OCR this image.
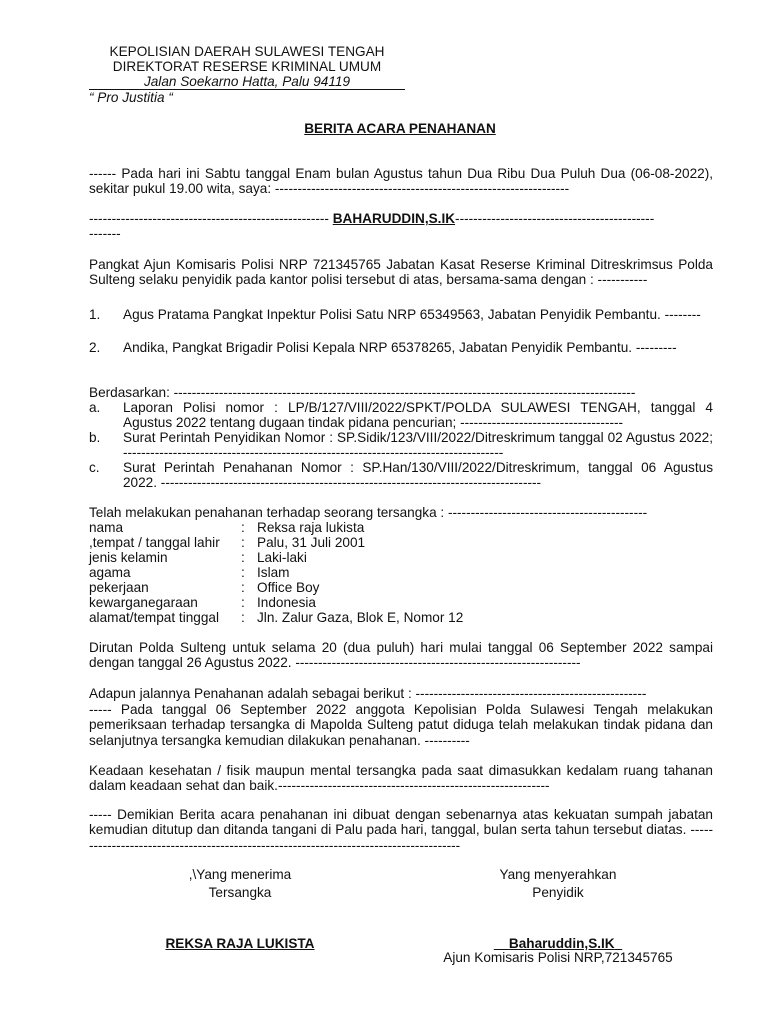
KEPOLISIAN DAERAH SULAWESI TENGAH
DIREKTORAT RESERSE KRIMINAL UMUM
Jalan Soekarno Hatta, Palu 94119
“ Pro Justitia “
BERITA ACARA PENAHANAN
------ Pada hari ini Sabtu tanggal Enam bulan Agustus tahun Dua Ribu Dua Puluh Dua (06-08-2022), sekitar pukul 19.00 wita, saya: -----------------------------------------------------------------
----------------------------------------------------- BAHARUDDIN,S.IK--------------------------------------------
-------
Pangkat Ajun Komisaris Polisi NRP 721345765 Jabatan Kasat Reserse Kriminal Ditreskrimsus Polda Sulteng selaku penyidik pada kantor polisi tersebut di atas, bersama-sama dengan : -----------
1. Agus Pratama Pangkat Inpektur Polisi Satu NRP 65349563, Jabatan Penyidik Pembantu. --------
2. Andika, Pangkat Brigadir Polisi Kepala NRP 65378265, Jabatan Penyidik Pembantu. ---------
Berdasarkan: ------------------------------------------------------------------------------------------------------
a. Laporan Polisi nomor : LP/B/127/VIII/2022/SPKT/POLDA SULAWESI TENGAH, tanggal 4 Agustus 2022 tentang dugaan tindak pidana pencurian; ------------------------------------
b. Surat Perintah Penyidikan Nomor : SP.Sidik/123/VIII/2022/Ditreskrimum tanggal 02 Agustus 2022; ------------------------------------------------------------------------------------
c. Surat Perintah Penahanan Nomor : SP.Han/130/VIII/2022/Ditreskrimum, tanggal 06 Agustus 2022. ------------------------------------------------------------------------------------
Telah melakukan penahanan terhadap seorang tersangka : --------------------------------------------
nama	: Reksa raja lukista
,tempat / tanggal lahir : Palu, 31 Juli 2001
jenis kelamin	: Laki-laki
agama	: Islam
pekerjaan	: Office Boy
kewarganegaraan	: Indonesia
alamat/tempat tinggal : Jln. Zalur Gaza, Blok E, Nomor 12
Dirutan Polda Sulteng untuk selama 20 (dua puluh) hari mulai tanggal 06 September 2022 sampai dengan tanggal 26 Agustus 2022. ---------------------------------------------------------------
Adapun jalannya Penahanan adalah sebagai berikut : ---------------------------------------------------
----- Pada tanggal 06 September 2022 anggota Kepolisian Polda Sulawesi Tengah melakukan pemeriksaan terhadap tersangka di Mapolda Sulteng patut diduga telah melakukan tindak pidana dan selanjutnya tersangka kemudian dilakukan penahanan. ----------
Keadaan kesehatan / fisik maupun mental tersangka pada saat dimasukkan kedalam ruang tahanan dalam keadaan sehat dan baik.------------------------------------------------------------
----- Demikian Berita acara penahanan ini dibuat dengan sebenarnya atas kekuatan sumpah jabatan kemudian ditutup dan ditanda tangani di Palu pada hari, tanggal, bulan serta tahun tersebut diatas. ---------------------------------------------------------------------------------------
,\Yang menerima
Tersangka
REKSA RAJA LUKISTA
Yang menyerahkan
Penyidik
Baharuddin,S.IK
Ajun Komisaris Polisi NRP,721345765
